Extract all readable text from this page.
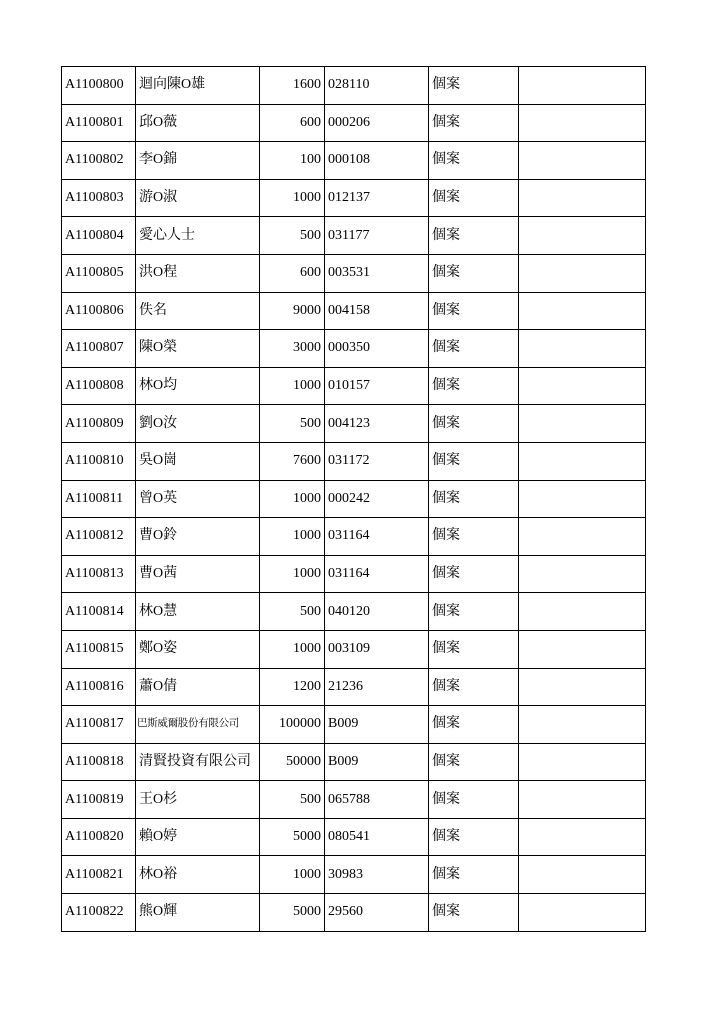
A1100800	迴向陳O雄	1600	028110	個案	
A1100801	邱O薇	600	000206	個案	
A1100802	李O錦	100	000108	個案	
A1100803	游O淑	1000	012137	個案	
A1100804	愛心人士	500	031177	個案	
A1100805	洪O程	600	003531	個案	
A1100806	佚名	9000	004158	個案	
A1100807	陳O榮	3000	000350	個案	
A1100808	林O均	1000	010157	個案	
A1100809	劉O汝	500	004123	個案	
A1100810	吳O崗	7600	031172	個案	
A1100811	曾O英	1000	000242	個案	
A1100812	曹O鈴	1000	031164	個案	
A1100813	曹O茜	1000	031164	個案	
A1100814	林O慧	500	040120	個案	
A1100815	鄭O姿	1000	003109	個案	
A1100816	蕭O倩	1200	21236	個案	
A1100817	巴斯威爾股份有限公司	100000	B009	個案	
A1100818	清賢投資有限公司	50000	B009	個案	
A1100819	王O杉	500	065788	個案	
A1100820	賴O婷	5000	080541	個案	
A1100821	林O裕	1000	30983	個案	
A1100822	熊O輝	5000	29560	個案	
